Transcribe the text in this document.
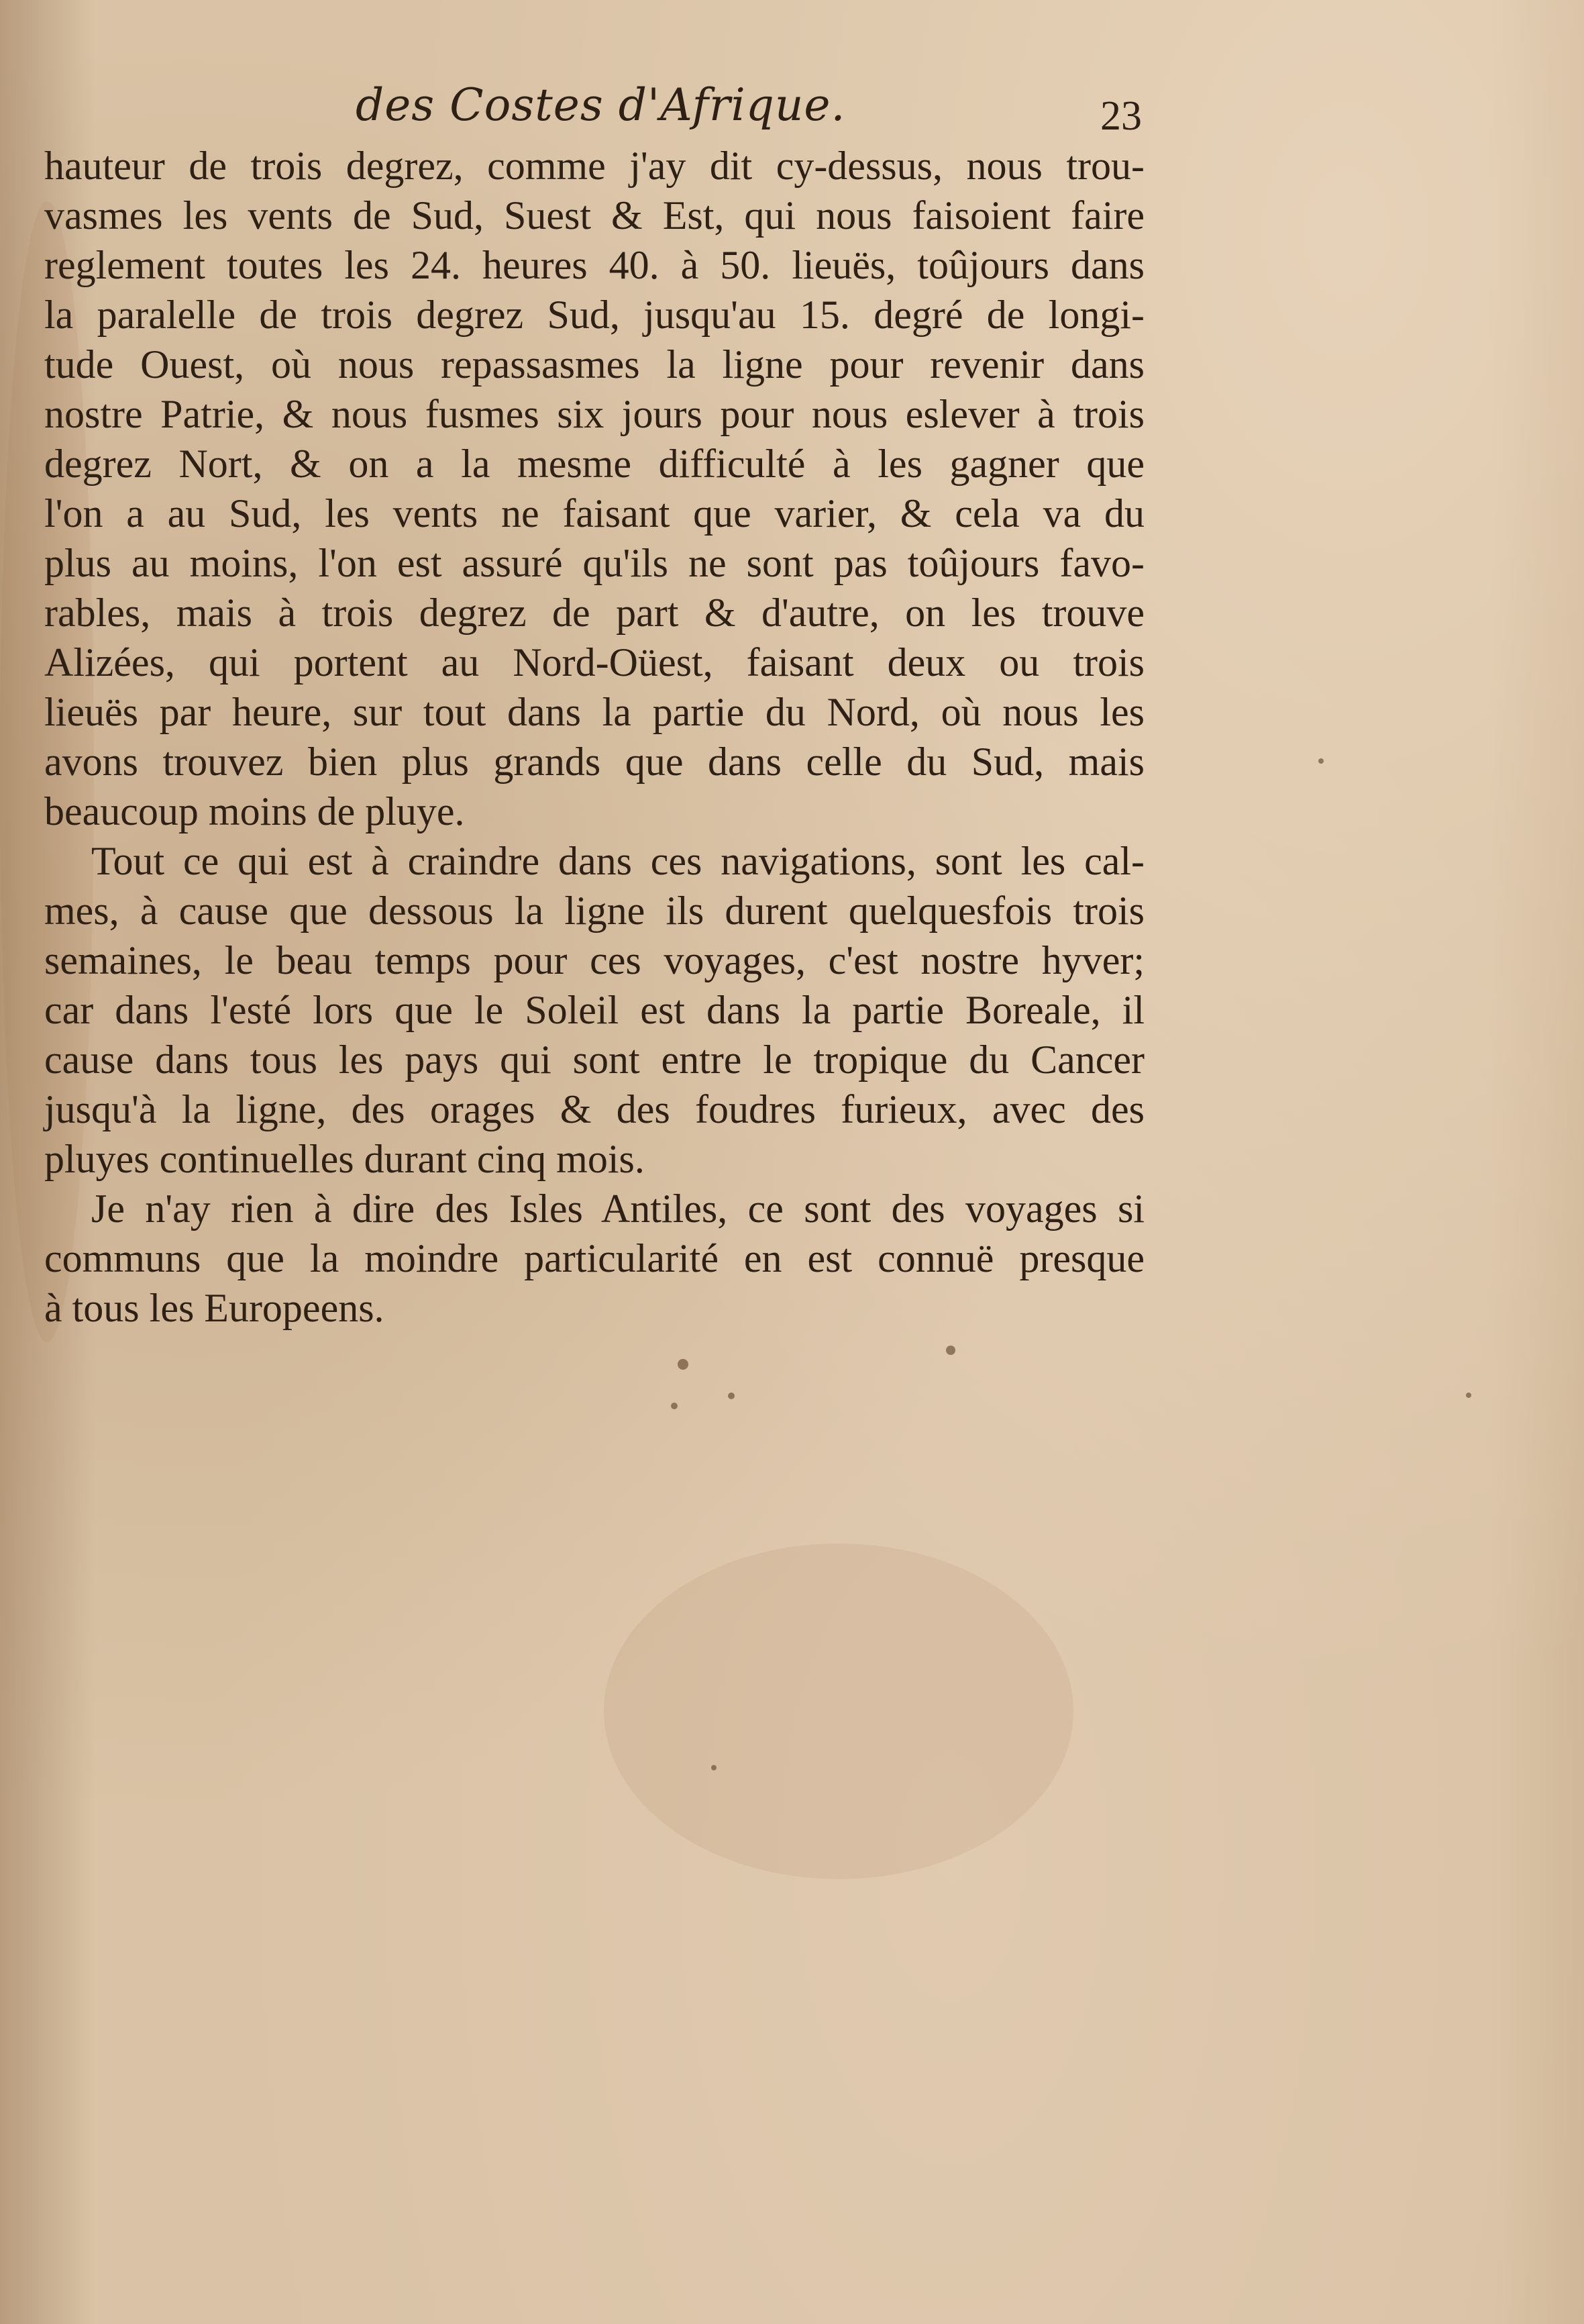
des Costes d'Afrique.	23
hauteur de trois degrez, comme j'ay dit cy-dessus, nous trou-
vasmes les vents de Sud, Suest & Est, qui nous faisoient faire
reglement toutes les 24. heures 40. à 50. lieuës, toûjours dans
la paralelle de trois degrez Sud, jusqu'au 15. degré de longi-
tude Ouest, où nous repassasmes la ligne pour revenir dans
nostre Patrie, & nous fusmes six jours pour nous eslever à trois
degrez Nort, & on a la mesme difficulté à les gagner que
l'on a au Sud, les vents ne faisant que varier, & cela va du
plus au moins, l'on est assuré qu'ils ne sont pas toûjours favo-
rables, mais à trois degrez de part & d'autre, on les trouve
Alizées, qui portent au Nord-Oüest, faisant deux ou trois
lieuës par heure, sur tout dans la partie du Nord, où nous les
avons trouvez bien plus grands que dans celle du Sud, mais
beaucoup moins de pluye.
Tout ce qui est à craindre dans ces navigations, sont les cal-
mes, à cause que dessous la ligne ils durent quelquesfois trois
semaines, le beau temps pour ces voyages, c'est nostre hyver;
car dans l'esté lors que le Soleil est dans la partie Boreale, il
cause dans tous les pays qui sont entre le tropique du Cancer
jusqu'à la ligne, des orages & des foudres furieux, avec des
pluyes continuelles durant cinq mois.
Je n'ay rien à dire des Isles Antiles, ce sont des voyages si
communs que la moindre particularité en est connuë presque
à tous les Europeens.
